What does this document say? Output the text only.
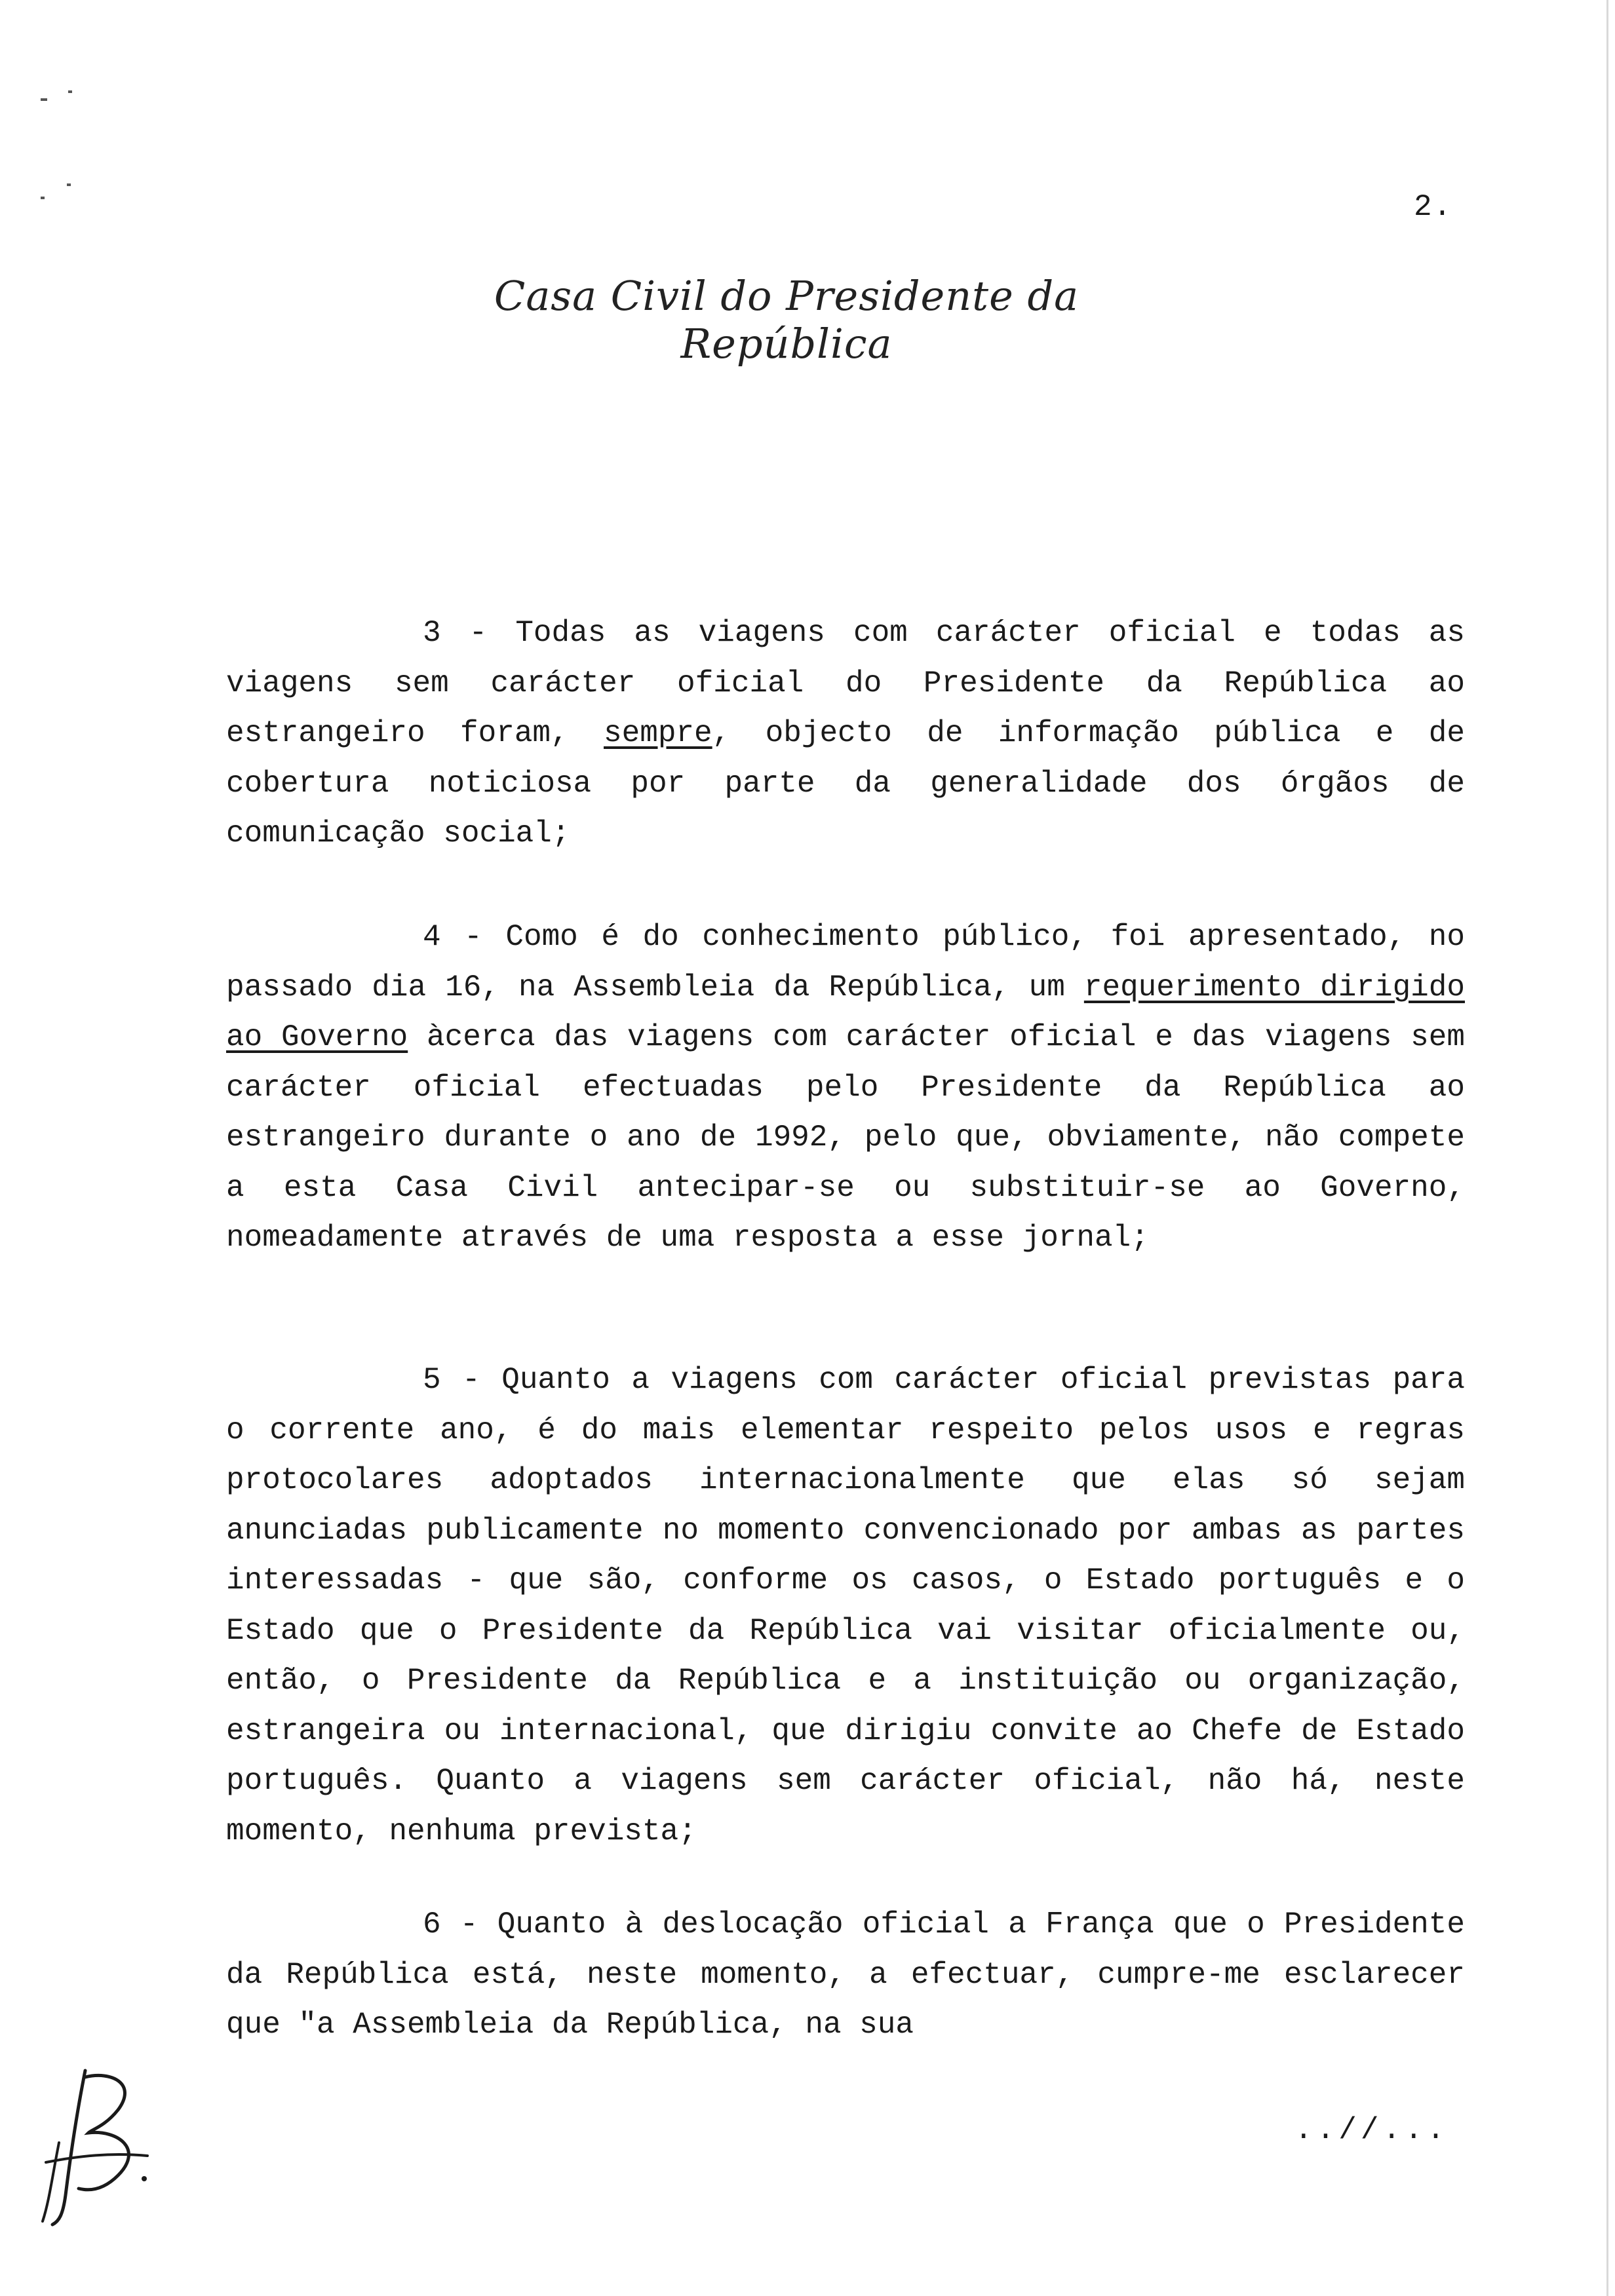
2.
Casa Civil do Presidente da República

3 - Todas as viagens com carácter oficial e todas as viagens sem carácter oficial do Presidente da República ao estrangeiro foram, sempre, objecto de informação pública e de cobertura noticiosa por parte da generalidade dos órgãos de comunicação social;

4 - Como é do conhecimento público, foi apresentado, no passado dia 16, na Assembleia da República, um requerimento dirigido ao Governo àcerca das viagens com carácter oficial e das viagens sem carácter oficial efectuadas pelo Presidente da República ao estrangeiro durante o ano de 1992, pelo que, obviamente, não compete a esta Casa Civil antecipar-se ou substituir-se ao Governo, nomeadamente através de uma resposta a esse jornal;

5 - Quanto a viagens com carácter oficial previstas para o corrente ano, é do mais elementar respeito pelos usos e regras protocolares adoptados internacionalmente que elas só sejam anunciadas publicamente no momento convencionado por ambas as partes interessadas - que são, conforme os casos, o Estado português e o Estado que o Presidente da República vai visitar oficialmente ou, então, o Presidente da República e a instituição ou organização, estrangeira ou internacional, que dirigiu convite ao Chefe de Estado português. Quanto a viagens sem carácter oficial, não há, neste momento, nenhuma prevista;

6 - Quanto à deslocação oficial a França que o Presidente da República está, neste momento, a efectuar, cumpre-me esclarecer que "a Assembleia da República, na sua

..//...
